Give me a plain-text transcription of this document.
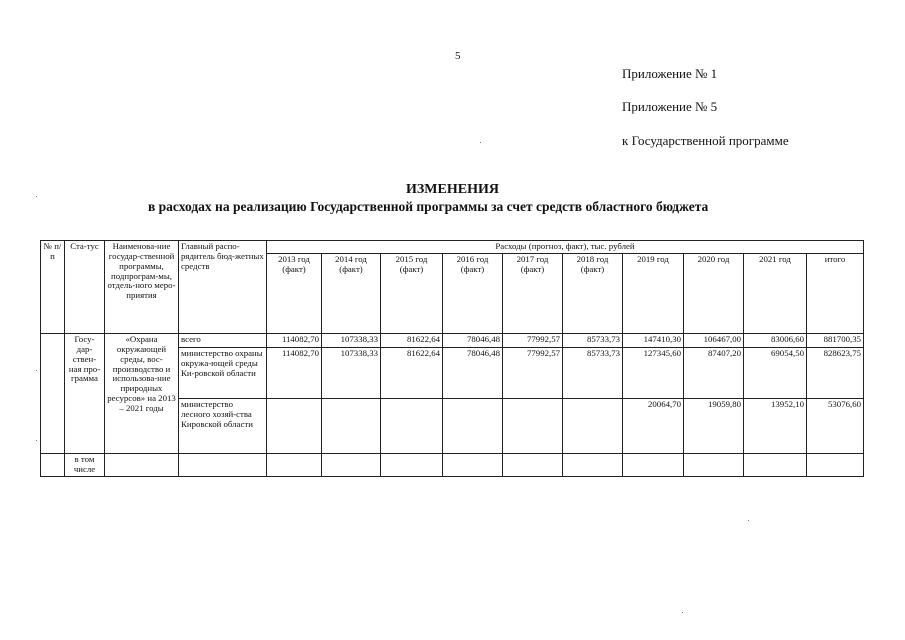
5
Приложение № 1
Приложение № 5
к Государственной программе
ИЗМЕНЕНИЯ
в расходах на реализацию Государственной программы за счет средств областного бюджета
№ п/п	Ста-тус	Наименова-ние государ-ственной программы, подпрограм-мы, отдель-ного меро-приятия	Главный распо-рядитель бюд-жетных средств	Расходы (прогноз, факт), тыс. рублей									
				2013 год (факт)	2014 год (факт)	2015 год (факт)	2016 год (факт)	2017 год (факт)	2018 год (факт)	2019 год	2020 год	2021 год	итого
	Госу-дар-ствен-ная про-грамма	«Охрана окружающей среды, вос-производство и использова-ние природных ресурсов» на 2013 – 2021 годы	всего	114082,70	107338,33	81622,64	78046,48	77992,57	85733,73	147410,30	106467,00	83006,60	881700,35
			министерство охраны окружа-ющей среды Ки-ровской области	114082,70	107338,33	81622,64	78046,48	77992,57	85733,73	127345,60	87407,20	69054,50	828623,75
			министерство лесного хозяй-ства Кировской области							20064,70	19059,80	13952,10	53076,60
	в том числе												
